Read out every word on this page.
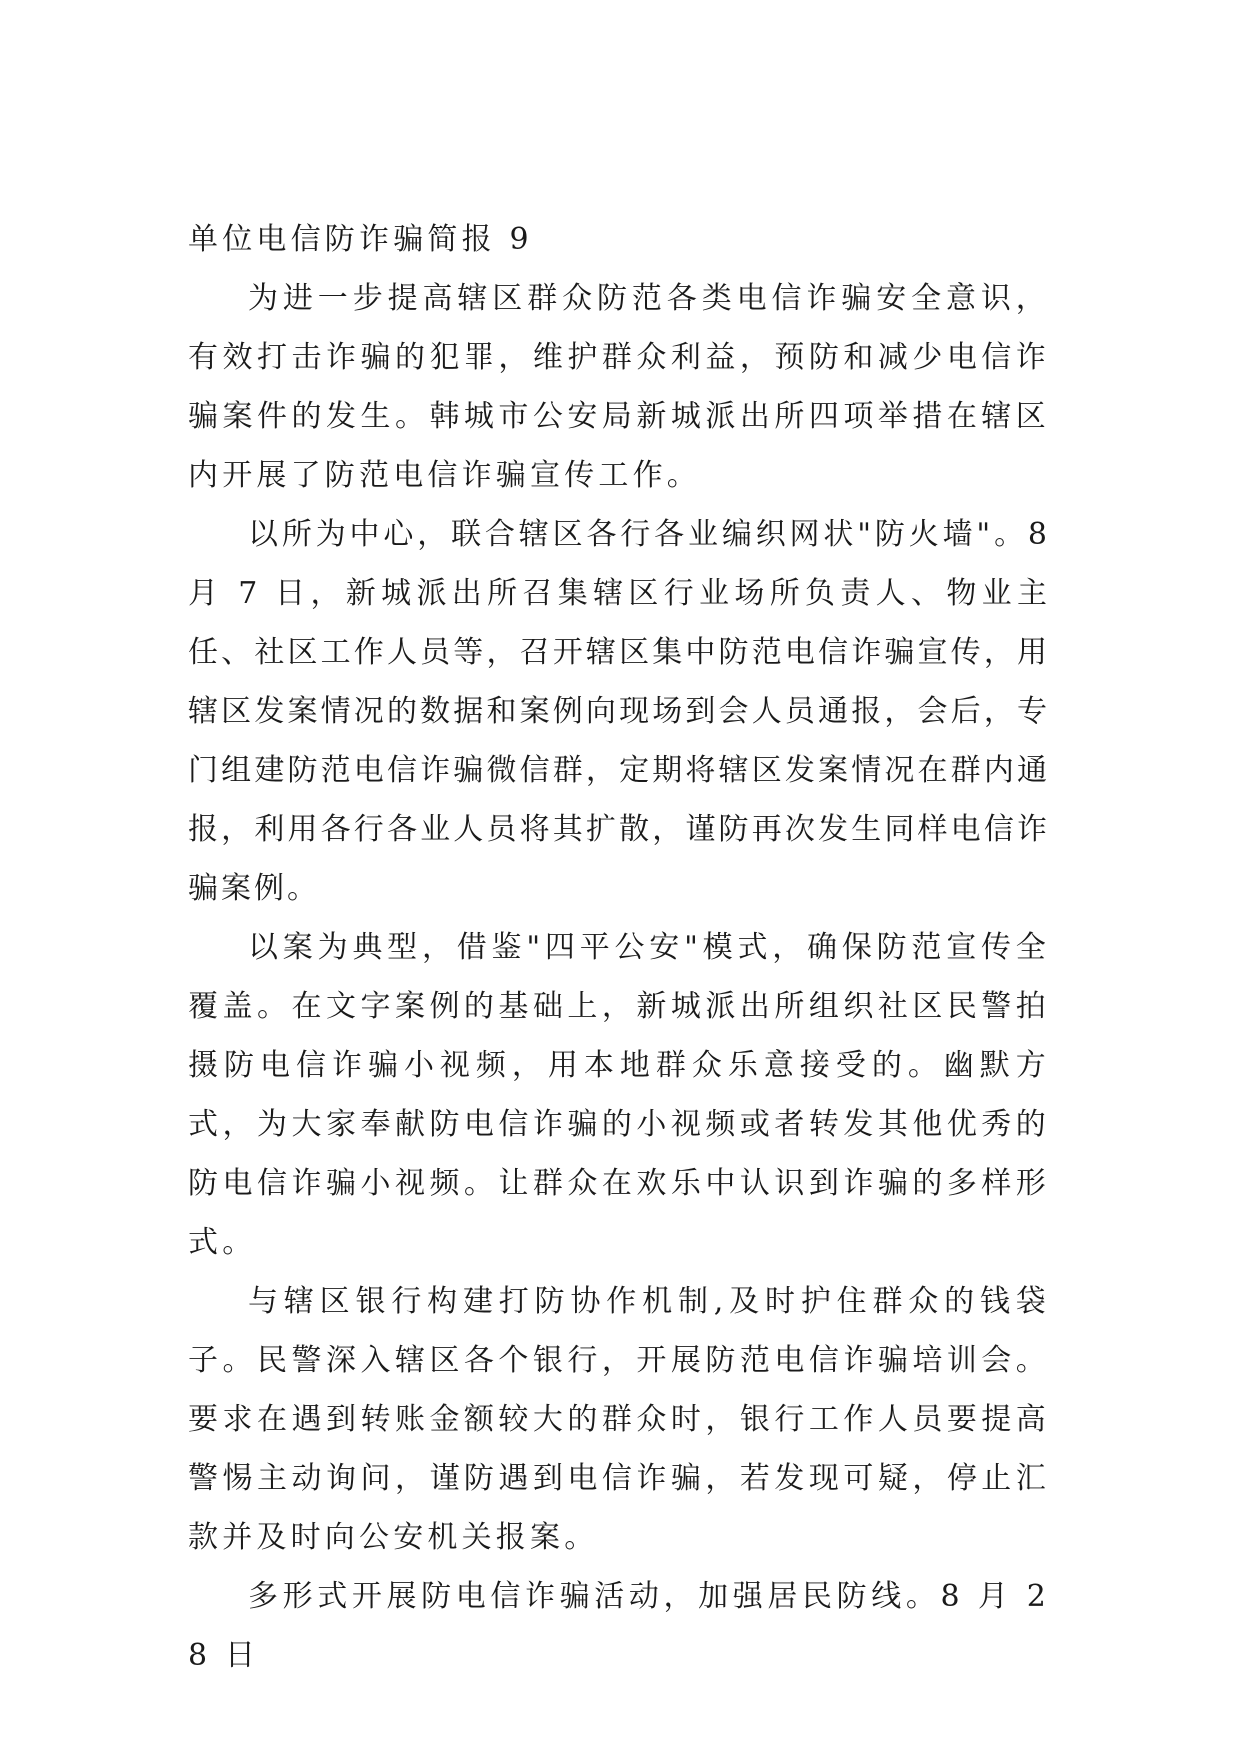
单位电信防诈骗简报 9

为进一步提高辖区群众防范各类电信诈骗安全意识，有效打击诈骗的犯罪，维护群众利益，预防和减少电信诈骗案件的发生。韩城市公安局新城派出所四项举措在辖区内开展了防范电信诈骗宣传工作。

以所为中心，联合辖区各行各业编织网状"防火墙"。8 月 7 日，新城派出所召集辖区行业场所负责人、物业主任、社区工作人员等，召开辖区集中防范电信诈骗宣传，用辖区发案情况的数据和案例向现场到会人员通报，会后，专门组建防范电信诈骗微信群，定期将辖区发案情况在群内通报，利用各行各业人员将其扩散，谨防再次发生同样电信诈骗案例。

以案为典型，借鉴"四平公安"模式，确保防范宣传全覆盖。在文字案例的基础上，新城派出所组织社区民警拍摄防电信诈骗小视频，用本地群众乐意接受的。幽默方式，为大家奉献防电信诈骗的小视频或者转发其他优秀的防电信诈骗小视频。让群众在欢乐中认识到诈骗的多样形式。

与辖区银行构建打防协作机制,及时护住群众的钱袋子。民警深入辖区各个银行，开展防范电信诈骗培训会。要求在遇到转账金额较大的群众时，银行工作人员要提高警惕主动询问，谨防遇到电信诈骗，若发现可疑，停止汇款并及时向公安机关报案。

多形式开展防电信诈骗活动，加强居民防线。8 月 28 日
